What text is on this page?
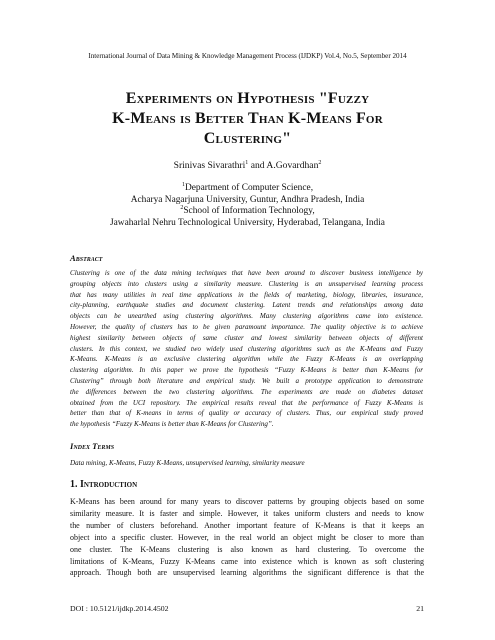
International Journal of Data Mining & Knowledge Management Process (IJDKP) Vol.4, No.5, September 2014
Experiments on Hypothesis "Fuzzy
K-Means is Better Than K-Means For
Clustering"
Srinivas Sivarathri$^1$ and A.Govardhan$^2$
$^1$Department of Computer Science,
Acharya Nagarjuna University, Guntur, Andhra Pradesh, India
$^2$School of Information Technology,
Jawaharlal Nehru Technological University, Hyderabad, Telangana, India
Abstract
Clustering is one of the data mining techniques that have been around to discover business intelligence by
grouping objects into clusters using a similarity measure. Clustering is an unsupervised learning process
that has many utilities in real time applications in the fields of marketing, biology, libraries, insurance,
city-planning, earthquake studies and document clustering. Latent trends and relationships among data
objects can be unearthed using clustering algorithms. Many clustering algorithms came into existence.
However, the quality of clusters has to be given paramount importance. The quality objective is to achieve
highest similarity between objects of same cluster and lowest similarity between objects of different
clusters. In this context, we studied two widely used clustering algorithms such as the K-Means and Fuzzy
K-Means. K-Means is an exclusive clustering algorithm while the Fuzzy K-Means is an overlapping
clustering algorithm. In this paper we prove the hypothesis “Fuzzy K-Means is better than K-Means for
Clustering” through both literature and empirical study. We built a prototype application to demonstrate
the differences between the two clustering algorithms. The experiments are made on diabetes dataset
obtained from the UCI repository. The empirical results reveal that the performance of Fuzzy K-Means is
better than that of K-means in terms of quality or accuracy of clusters. Thus, our empirical study proved
the hypothesis “Fuzzy K-Means is better than K-Means for Clustering”.
Index Terms
Data mining, K-Means, Fuzzy K-Means, unsupervised learning, similarity measure
1. Introduction
K-Means has been around for many years to discover patterns by grouping objects based on some
similarity measure. It is faster and simple. However, it takes uniform clusters and needs to know
the number of clusters beforehand. Another important feature of K-Means is that it keeps an
object into a specific cluster. However, in the real world an object might be closer to more than
one cluster. The K-Means clustering is also known as hard clustering. To overcome the
limitations of K-Means, Fuzzy K-Means came into existence which is known as soft clustering
approach. Though both are unsupervised learning algorithms the significant difference is that the
DOI : 10.5121/ijdkp.2014.4502	21
